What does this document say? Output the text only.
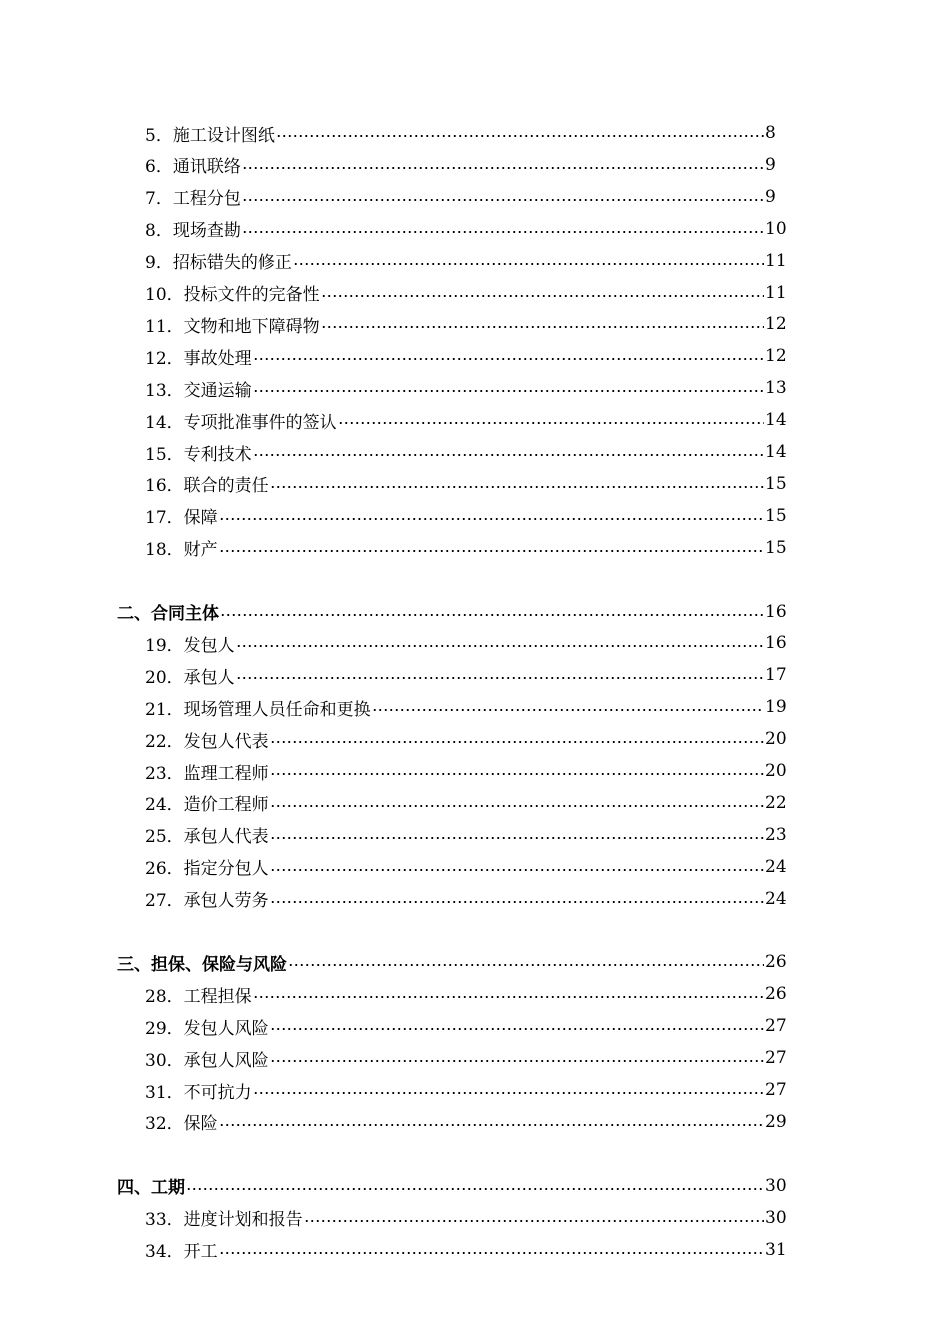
5．施工设计图纸	8
6．通讯联络	9
7．工程分包	9
8．现场查勘	10
9．招标错失的修正	11
10．投标文件的完备性	11
11．文物和地下障碍物	12
12．事故处理	12
13．交通运输	13
14．专项批准事件的签认	14
15．专利技术	14
16．联合的责任	15
17．保障	15
18．财产	15
二、合同主体	16
19．发包人	16
20．承包人	17
21．现场管理人员任命和更换	19
22．发包人代表	20
23．监理工程师	20
24．造价工程师	22
25．承包人代表	23
26．指定分包人	24
27．承包人劳务	24
三、担保、保险与风险	26
28．工程担保	26
29．发包人风险	27
30．承包人风险	27
31．不可抗力	27
32．保险	29
四、工期	30
33．进度计划和报告	30
34．开工	31
